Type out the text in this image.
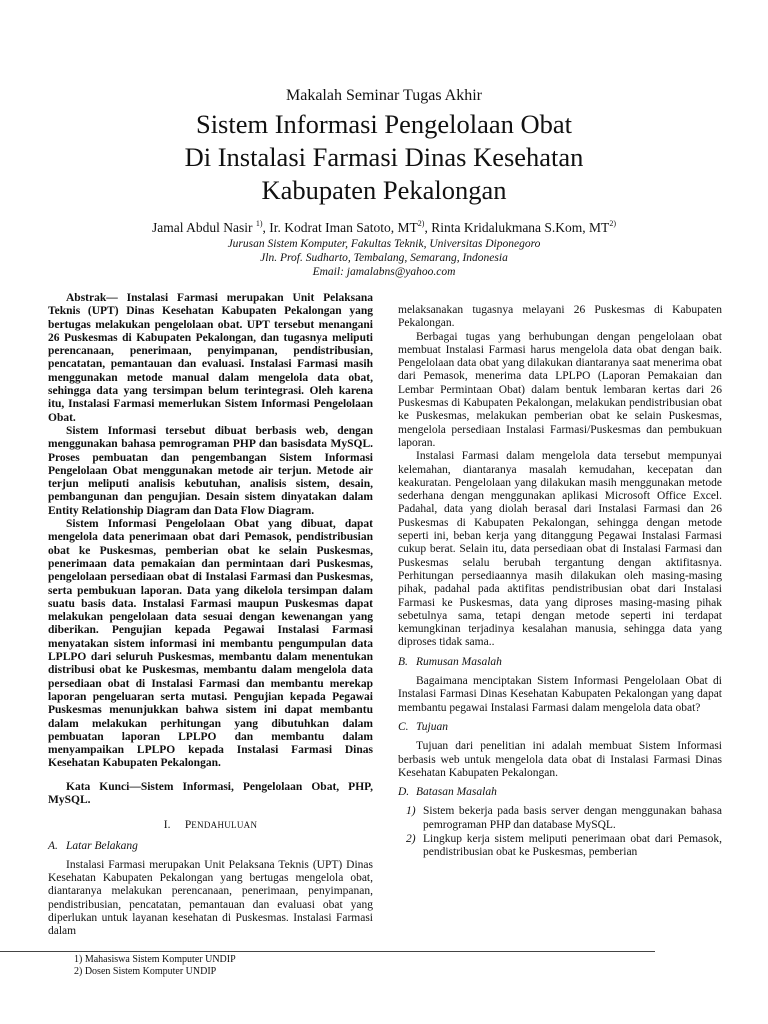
Makalah Seminar Tugas Akhir
Sistem Informasi Pengelolaan Obat
Di Instalasi Farmasi Dinas Kesehatan
Kabupaten Pekalongan
Jamal Abdul Nasir $^{1)}$, Ir. Kodrat Iman Satoto, MT$^{2)}$, Rinta Kridalukmana S.Kom, MT$^{2)}$
Jurusan Sistem Komputer, Fakultas Teknik, Universitas Diponegoro
Jln. Prof. Sudharto, Tembalang, Semarang, Indonesia
Email: jamalabns@yahoo.com

Abstrak— Instalasi Farmasi merupakan Unit Pelaksana Teknis (UPT) Dinas Kesehatan Kabupaten Pekalongan yang bertugas melakukan pengelolaan obat. UPT tersebut menangani 26 Puskesmas di Kabupaten Pekalongan, dan tugasnya meliputi perencanaan, penerimaan, penyimpanan, pendistribusian, pencatatan, pemantauan dan evaluasi. Instalasi Farmasi masih menggunakan metode manual dalam mengelola data obat, sehingga data yang tersimpan belum terintegrasi. Oleh karena itu, Instalasi Farmasi memerlukan Sistem Informasi Pengelolaan Obat.

Sistem Informasi tersebut dibuat berbasis web, dengan menggunakan bahasa pemrograman PHP dan basisdata MySQL. Proses pembuatan dan pengembangan Sistem Informasi Pengelolaan Obat menggunakan metode air terjun. Metode air terjun meliputi analisis kebutuhan, analisis sistem, desain, pembangunan dan pengujian. Desain sistem dinyatakan dalam Entity Relationship Diagram dan Data Flow Diagram.

Sistem Informasi Pengelolaan Obat yang dibuat, dapat mengelola data penerimaan obat dari Pemasok, pendistribusian obat ke Puskesmas, pemberian obat ke selain Puskesmas, penerimaan data pemakaian dan permintaan dari Puskesmas, pengelolaan persediaan obat di Instalasi Farmasi dan Puskesmas, serta pembukuan laporan. Data yang dikelola tersimpan dalam suatu basis data. Instalasi Farmasi maupun Puskesmas dapat melakukan pengelolaan data sesuai dengan kewenangan yang diberikan. Pengujian kepada Pegawai Instalasi Farmasi menyatakan sistem informasi ini membantu pengumpulan data LPLPO dari seluruh Puskesmas, membantu dalam menentukan distribusi obat ke Puskesmas, membantu dalam mengelola data persediaan obat di Instalasi Farmasi dan membantu merekap laporan pengeluaran serta mutasi. Pengujian kepada Pegawai Puskesmas menunjukkan bahwa sistem ini dapat membantu dalam melakukan perhitungan yang dibutuhkan dalam pembuatan laporan LPLPO dan membantu dalam menyampaikan LPLPO kepada Instalasi Farmasi Dinas Kesehatan Kabupaten Pekalongan.

Kata Kunci—Sistem Informasi, Pengelolaan Obat, PHP, MySQL.

I. PENDAHULUAN

A. Latar Belakang

Instalasi Farmasi merupakan Unit Pelaksana Teknis (UPT) Dinas Kesehatan Kabupaten Pekalongan yang bertugas mengelola obat, diantaranya melakukan perencanaan, penerimaan, penyimpanan, pendistribusian, pencatatan, pemantauan dan evaluasi obat yang diperlukan untuk layanan kesehatan di Puskesmas. Instalasi Farmasi dalam

melaksanakan tugasnya melayani 26 Puskesmas di Kabupaten Pekalongan.

Berbagai tugas yang berhubungan dengan pengelolaan obat membuat Instalasi Farmasi harus mengelola data obat dengan baik. Pengelolaan data obat yang dilakukan diantaranya saat menerima obat dari Pemasok, menerima data LPLPO (Laporan Pemakaian dan Lembar Permintaan Obat) dalam bentuk lembaran kertas dari 26 Puskesmas di Kabupaten Pekalongan, melakukan pendistribusian obat ke Puskesmas, melakukan pemberian obat ke selain Puskesmas, mengelola persediaan Instalasi Farmasi/Puskesmas dan pembukuan laporan.

Instalasi Farmasi dalam mengelola data tersebut mempunyai kelemahan, diantaranya masalah kemudahan, kecepatan dan keakuratan. Pengelolaan yang dilakukan masih menggunakan metode sederhana dengan menggunakan aplikasi Microsoft Office Excel. Padahal, data yang diolah berasal dari Instalasi Farmasi dan 26 Puskesmas di Kabupaten Pekalongan, sehingga dengan metode seperti ini, beban kerja yang ditanggung Pegawai Instalasi Farmasi cukup berat. Selain itu, data persediaan obat di Instalasi Farmasi dan Puskesmas selalu berubah tergantung dengan aktifitasnya. Perhitungan persediaannya masih dilakukan oleh masing-masing pihak, padahal pada aktifitas pendistribusian obat dari Instalasi Farmasi ke Puskesmas, data yang diproses masing-masing pihak sebetulnya sama, tetapi dengan metode seperti ini terdapat kemungkinan terjadinya kesalahan manusia, sehingga data yang diproses tidak sama..

B. Rumusan Masalah

Bagaimana menciptakan Sistem Informasi Pengelolaan Obat di Instalasi Farmasi Dinas Kesehatan Kabupaten Pekalongan yang dapat membantu pegawai Instalasi Farmasi dalam mengelola data obat?

C. Tujuan

Tujuan dari penelitian ini adalah membuat Sistem Informasi berbasis web untuk mengelola data obat di Instalasi Farmasi Dinas Kesehatan Kabupaten Pekalongan.

D. Batasan Masalah

1) Sistem bekerja pada basis server dengan menggunakan bahasa pemrograman PHP dan database MySQL.
2) Lingkup kerja sistem meliputi penerimaan obat dari Pemasok, pendistribusian obat ke Puskesmas, pemberian
1) Mahasiswa Sistem Komputer UNDIP
2) Dosen Sistem Komputer UNDIP
